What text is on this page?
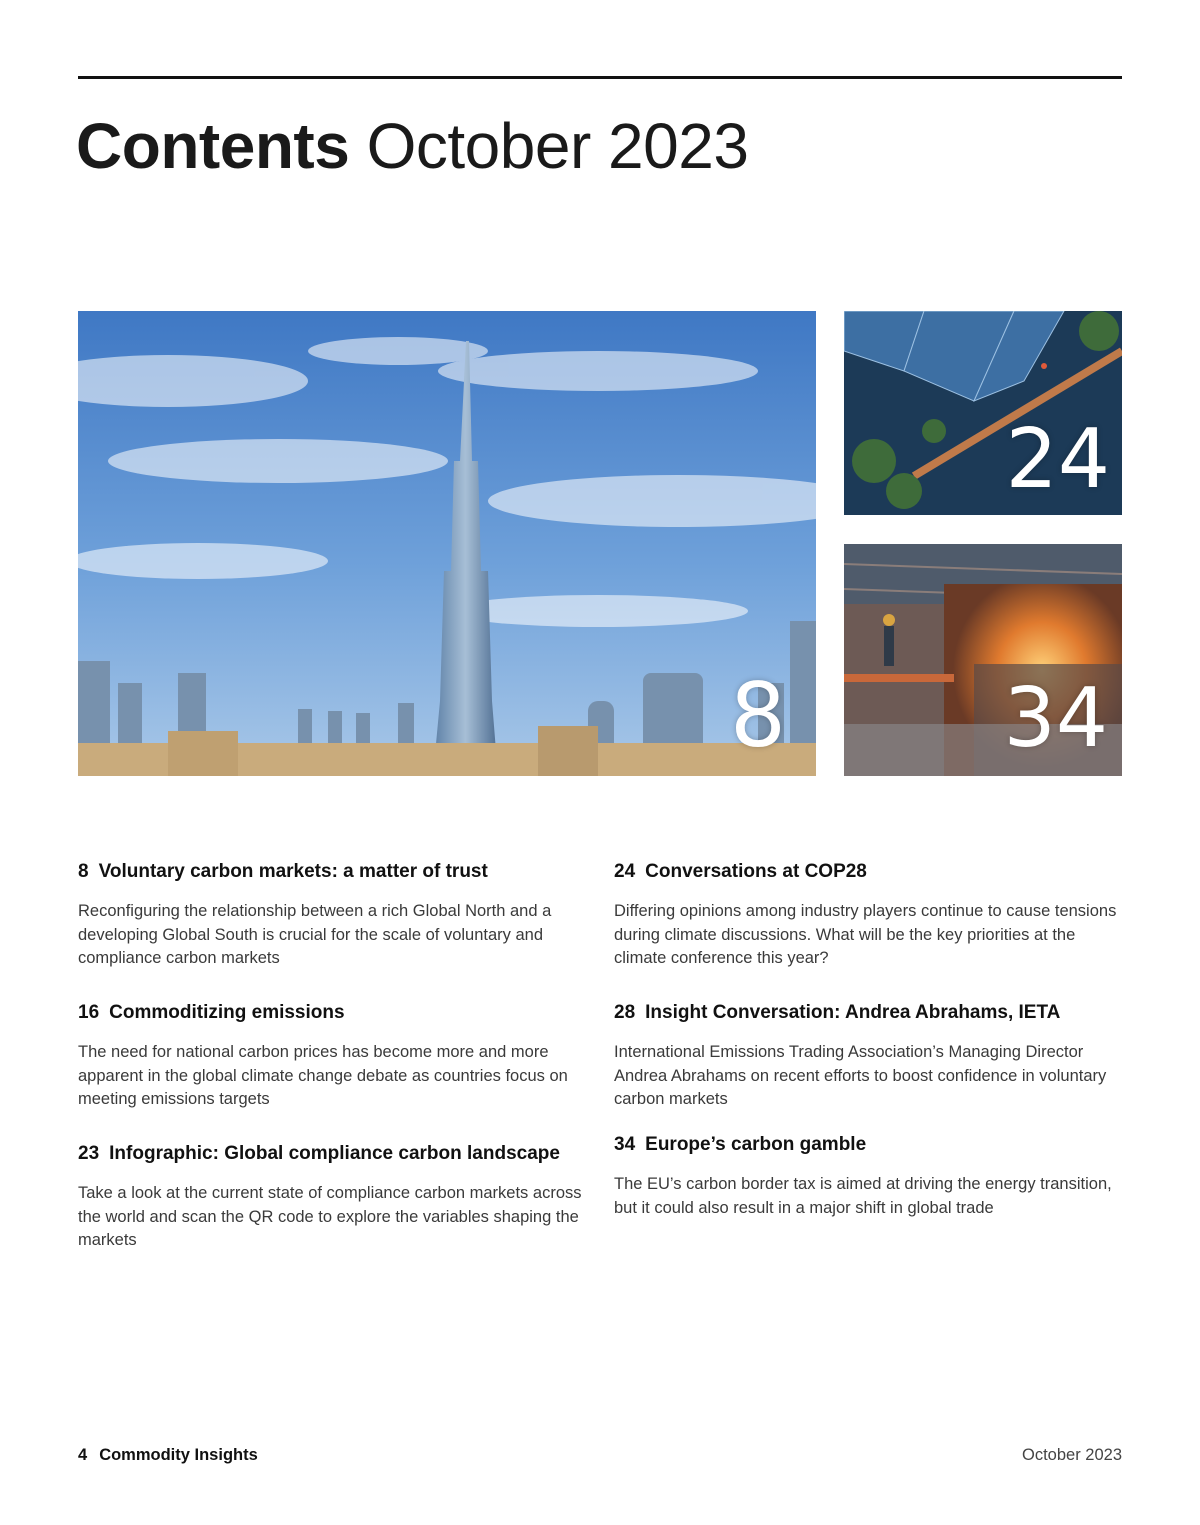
Contents October 2023
8
24
34
8 Voluntary carbon markets: a matter of trust

Reconfiguring the relationship between a rich Global North and a developing Global South is crucial for the scale of voluntary and compliance carbon markets

16 Commoditizing emissions

The need for national carbon prices has become more and more apparent in the global climate change debate as countries focus on meeting emissions targets

23 Infographic: Global compliance carbon landscape

Take a look at the current state of compliance carbon markets across the world and scan the QR code to explore the variables shaping the markets

24 Conversations at COP28

Differing opinions among industry players continue to cause tensions during climate discussions. What will be the key priorities at the climate conference this year?

28 Insight Conversation: Andrea Abrahams, IETA

International Emissions Trading Association’s Managing Director Andrea Abrahams on recent efforts to boost confidence in voluntary carbon markets

34 Europe’s carbon gamble

The EU’s carbon border tax is aimed at driving the energy transition, but it could also result in a major shift in global trade

4 Commodity Insights	October 2023
